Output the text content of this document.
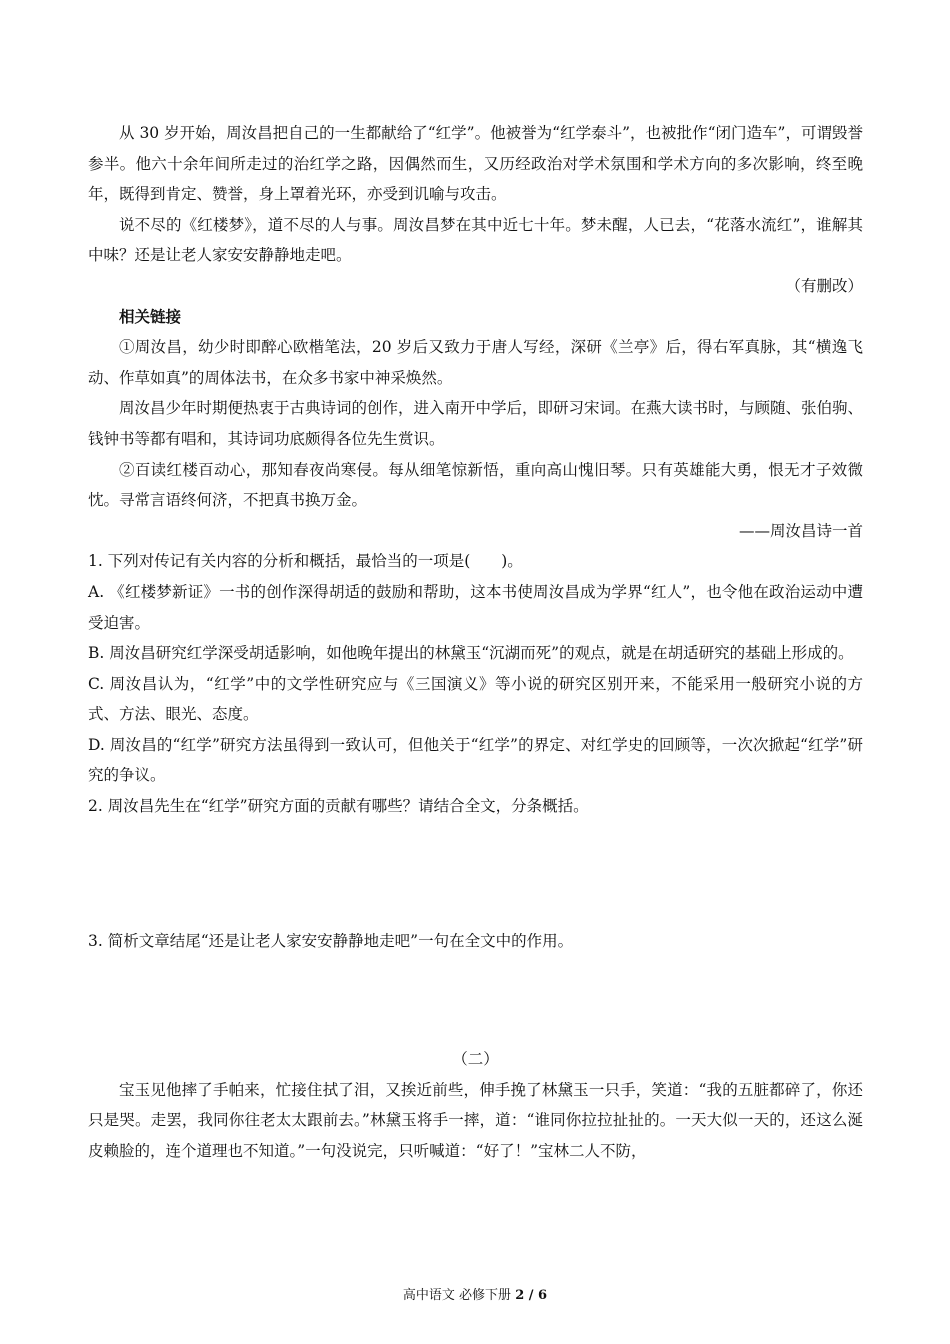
从 30 岁开始，周汝昌把自己的一生都献给了“红学”。他被誉为“红学泰斗”，也被批作“闭门造车”，可谓毁誉参半。他六十余年间所走过的治红学之路，因偶然而生，又历经政治对学术氛围和学术方向的多次影响，终至晚年，既得到肯定、赞誉，身上罩着光环，亦受到讥喻与攻击。

说不尽的《红楼梦》，道不尽的人与事。周汝昌梦在其中近七十年。梦未醒，人已去，“花落水流红”，谁解其中味？还是让老人家安安静静地走吧。

（有删改）

相关链接

①周汝昌，幼少时即醉心欧楷笔法，20 岁后又致力于唐人写经，深研《兰亭》后，得右军真脉，其“横逸飞动、作草如真”的周体法书，在众多书家中神采焕然。

周汝昌少年时期便热衷于古典诗词的创作，进入南开中学后，即研习宋词。在燕大读书时，与顾随、张伯驹、钱钟书等都有唱和，其诗词功底颇得各位先生赏识。

②百读红楼百动心，那知春夜尚寒侵。每从细笔惊新悟，重向高山愧旧琴。只有英雄能大勇，恨无才子效微忱。寻常言语终何济，不把真书换万金。

——周汝昌诗一首

1. 下列对传记有关内容的分析和概括，最恰当的一项是(　　)。

A. 《红楼梦新证》一书的创作深得胡适的鼓励和帮助，这本书使周汝昌成为学界“红人”，也令他在政治运动中遭受迫害。

B. 周汝昌研究红学深受胡适影响，如他晚年提出的林黛玉“沉湖而死”的观点，就是在胡适研究的基础上形成的。

C. 周汝昌认为，“红学”中的文学性研究应与《三国演义》等小说的研究区别开来，不能采用一般研究小说的方式、方法、眼光、态度。

D. 周汝昌的“红学”研究方法虽得到一致认可，但他关于“红学”的界定、对红学史的回顾等，一次次掀起“红学”研究的争议。

2. 周汝昌先生在“红学”研究方面的贡献有哪些？请结合全文，分条概括。

3. 简析文章结尾“还是让老人家安安静静地走吧”一句在全文中的作用。

（二）

宝玉见他摔了手帕来，忙接住拭了泪，又挨近前些，伸手挽了林黛玉一只手，笑道：“我的五脏都碎了，你还只是哭。走罢，我同你往老太太跟前去。”林黛玉将手一摔，道：“谁同你拉拉扯扯的。一天大似一天的，还这么涎皮赖脸的，连个道理也不知道。”一句没说完，只听喊道：“好了！”宝林二人不防，

高中语文 必修下册 2 / 6
